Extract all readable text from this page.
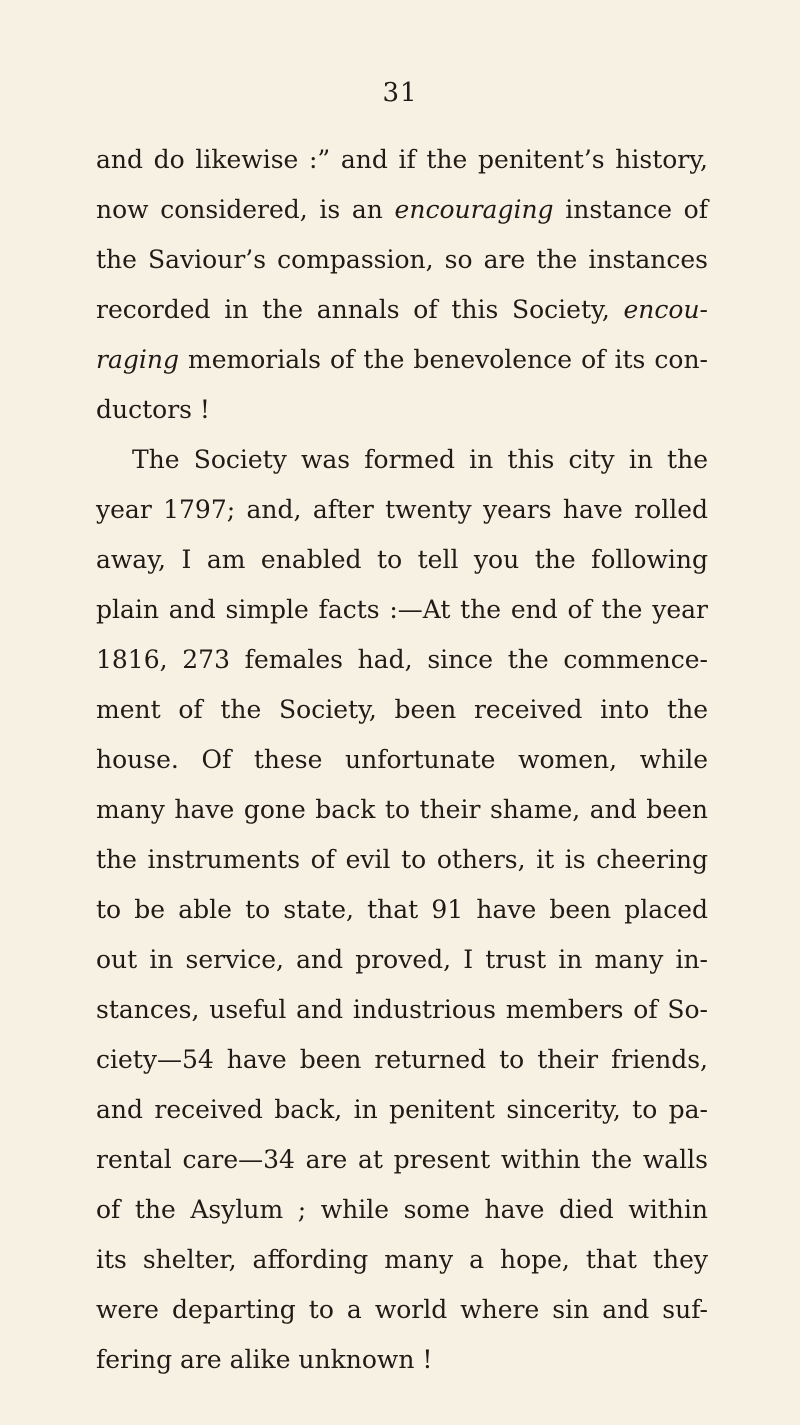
31
and do likewise :” and if the penitent’s history,
now considered, is an encouraging instance of
the Saviour’s compassion, so are the instances
recorded in the annals of this Society, encou-
raging memorials of the benevolence of its con-
ductors !
The Society was formed in this city in the
year 1797; and, after twenty years have rolled
away, I am enabled to tell you the following
plain and simple facts :—At the end of the year
1816, 273 females had, since the commence-
ment of the Society, been received into the
house. Of these unfortunate women, while
many have gone back to their shame, and been
the instruments of evil to others, it is cheering
to be able to state, that 91 have been placed
out in service, and proved, I trust in many in-
stances, useful and industrious members of So-
ciety—54 have been returned to their friends,
and received back, in penitent sincerity, to pa-
rental care—34 are at present within the walls
of the Asylum ; while some have died within
its shelter, affording many a hope, that they
were departing to a world where sin and suf-
fering are alike unknown !
